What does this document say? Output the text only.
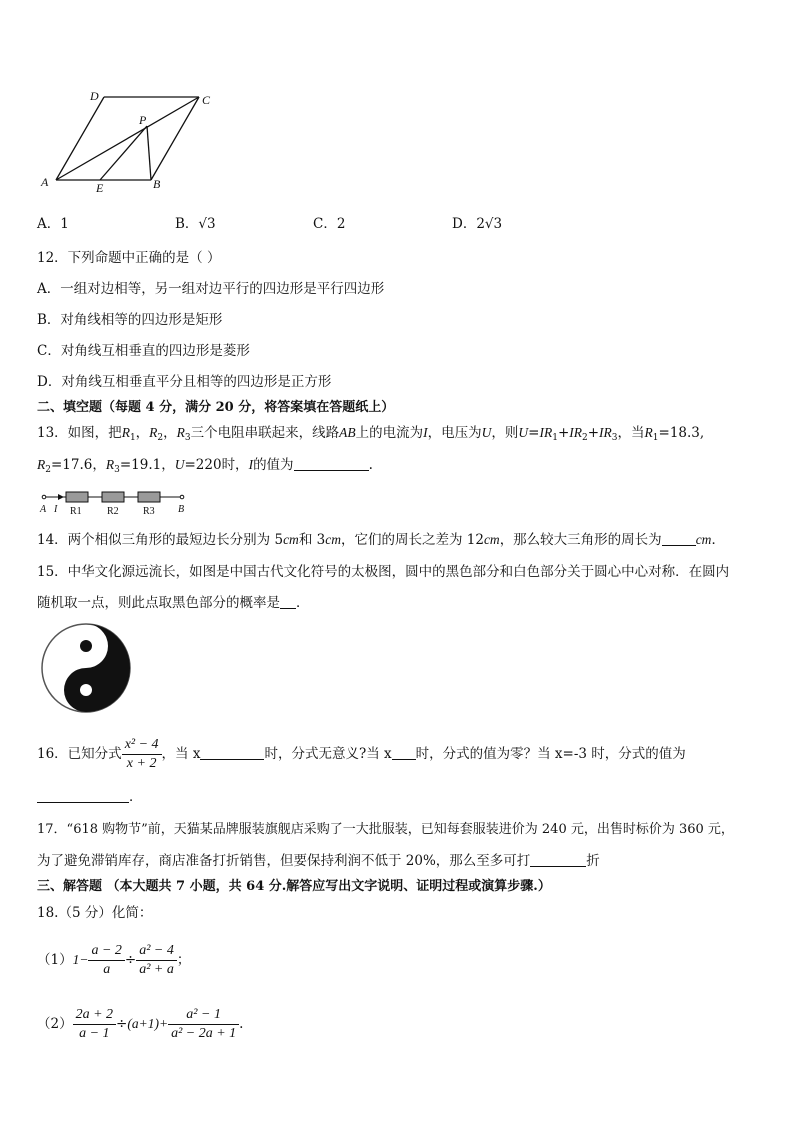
D	C
P
A	E	B
A．1	B．√3	C．2	D．2√3
12．下列命题中正确的是（ ）
A．一组对边相等，另一组对边平行的四边形是平行四边形
B．对角线相等的四边形是矩形
C．对角线互相垂直的四边形是菱形
D．对角线互相垂直平分且相等的四边形是正方形
二、填空题（每题 4 分，满分 20 分，将答案填在答题纸上）
13．如图，把$R_1$，$R_2$，$R_3$三个电阻串联起来，线路AB上的电流为I，电压为U，则$U=IR_1+IR_2+IR_3$，当$R_1=18.3$,
$R_2=17.6$，$R_3=19.1$，U=220时，I的值为	.
A I R1	R2 R3 B
14．两个相似三角形的最短边长分别为 5cm和 3cm，它们的周长之差为 12cm，那么较大三角形的周长为	cm．
15．中华文化源远流长，如图是中国古代文化符号的太极图，圆中的黑色部分和白色部分关于圆心中心对称．在圆内
随机取一点，则此点取黑色部分的概率是 ．
16．已知分式 $\frac{\text{x² − 4}}{x + 2}$ ，当 x	时，分式无意义?当 x 时，分式的值为零？当 x=-3 时，分式的值为
．
17．“618 购物节”前，天猫某品牌服装旗舰店采购了一大批服装，已知每套服装进价为 240 元，出售时标价为 360 元，
为了避免滞销库存，商店准备打折销售，但要保持利润不低于 20%，那么至多可打	折
三、解答题 （本大题共 7 小题，共 64 分.解答应写出文字说明、证明过程或演算步骤.）
18.（5 分）化简：
$(1)1- \frac{a - 2}{a} \div \frac{\text{a² − 4}}{\text{a² + a}}$ ；
$(2) \frac{2a + 2}{a - 1} \div(a+1)+ \frac{\text{a² − 1}}{\text{a² − 2a + 1}}$ .
